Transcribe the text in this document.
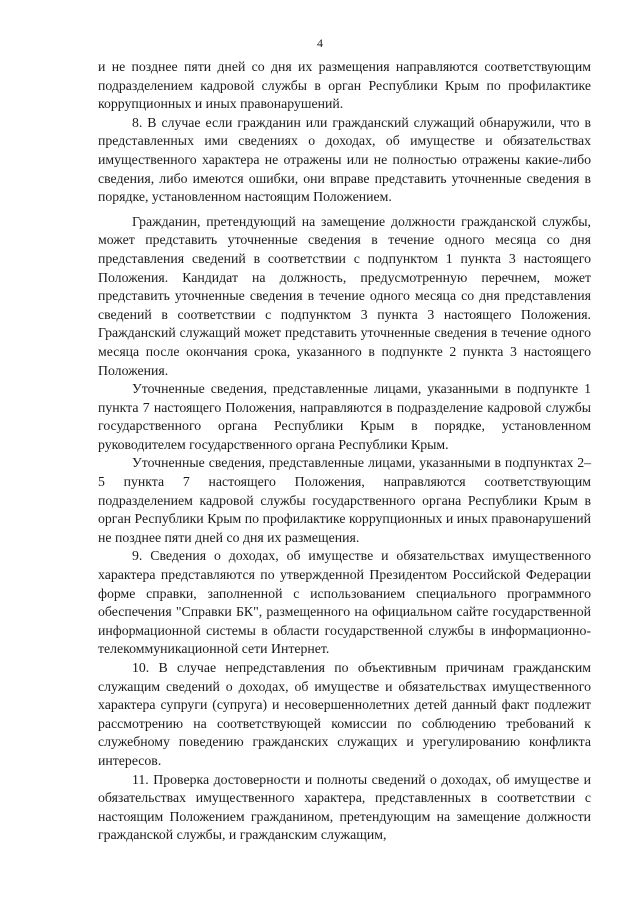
4

и не позднее пяти дней со дня их размещения направляются соответствующим подразделением кадровой службы в орган Республики Крым по профилактике коррупционных и иных правонарушений.

8. В случае если гражданин или гражданский служащий обнаружили, что в представленных ими сведениях о доходах, об имуществе и обязательствах имущественного характера не отражены или не полностью отражены какие-либо сведения, либо имеются ошибки, они вправе представить уточненные сведения в порядке, установленном настоящим Положением.

Гражданин, претендующий на замещение должности гражданской службы, может представить уточненные сведения в течение одного месяца со дня представления сведений в соответствии с подпунктом 1 пункта 3 настоящего Положения. Кандидат на должность, предусмотренную перечнем, может представить уточненные сведения в течение одного месяца со дня представления сведений в соответствии с подпунктом 3 пункта 3 настоящего Положения. Гражданский служащий может представить уточненные сведения в течение одного месяца после окончания срока, указанного в подпункте 2 пункта 3 настоящего Положения.

Уточненные сведения, представленные лицами, указанными в подпункте 1 пункта 7 настоящего Положения, направляются в подразделение кадровой службы государственного органа Республики Крым в порядке, установленном руководителем государственного органа Республики Крым.

Уточненные сведения, представленные лицами, указанными в подпунктах 2–5 пункта 7 настоящего Положения, направляются соответствующим подразделением кадровой службы государственного органа Республики Крым в орган Республики Крым по профилактике коррупционных и иных правонарушений не позднее пяти дней со дня их размещения.

9. Сведения о доходах, об имуществе и обязательствах имущественного характера представляются по утвержденной Президентом Российской Федерации форме справки, заполненной с использованием специального программного обеспечения "Справки БК", размещенного на официальном сайте государственной информационной системы в области государственной службы в информационно-телекоммуникационной сети Интернет.

10. В случае непредставления по объективным причинам гражданским служащим сведений о доходах, об имуществе и обязательствах имущественного характера супруги (супруга) и несовершеннолетних детей данный факт подлежит рассмотрению на соответствующей комиссии по соблюдению требований к служебному поведению гражданских служащих и урегулированию конфликта интересов.

11. Проверка достоверности и полноты сведений о доходах, об имуществе и обязательствах имущественного характера, представленных в соответствии с настоящим Положением гражданином, претендующим на замещение должности гражданской службы, и гражданским служащим,
